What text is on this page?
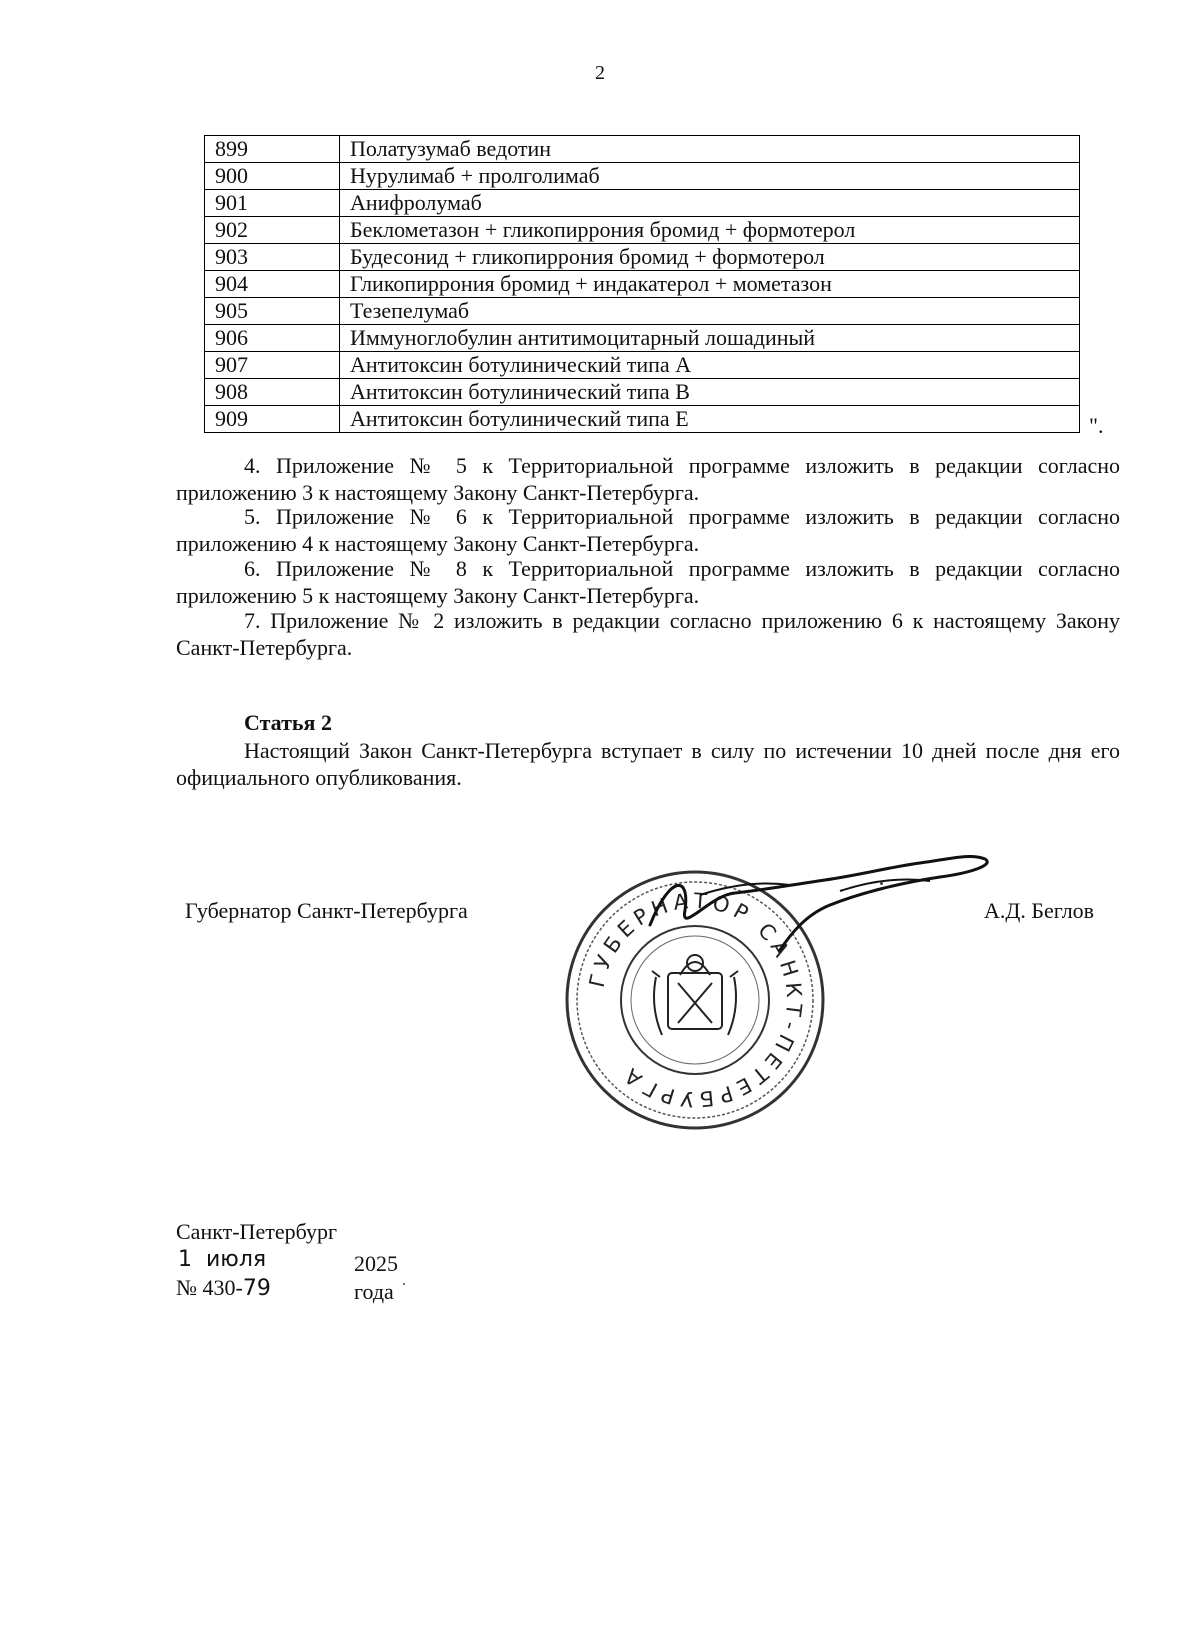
2
899	Полатузумаб ведотин
900	Нурулимаб + пролголимаб
901	Анифролумаб
902	Беклометазон + гликопиррония бромид + формотерол
903	Будесонид + гликопиррония бромид + формотерол
904	Гликопиррония бромид + индакатерол + мометазон
905	Тезепелумаб
906	Иммуноглобулин антитимоцитарный лошадиный
907	Антитоксин ботулинический типа А
908	Антитоксин ботулинический типа В
909	Антитоксин ботулинический типа Е	".

4. Приложение № 5 к Территориальной программе изложить в редакции согласно приложению 3 к настоящему Закону Санкт-Петербурга.

5. Приложение № 6 к Территориальной программе изложить в редакции согласно приложению 4 к настоящему Закону Санкт-Петербурга.

6. Приложение № 8 к Территориальной программе изложить в редакции согласно приложению 5 к настоящему Закону Санкт-Петербурга.

7. Приложение № 2 изложить в редакции согласно приложению 6 к настоящему Закону Санкт-Петербурга.

Статья 2

Настоящий Закон Санкт-Петербурга вступает в силу по истечении 10 дней после дня его официального опубликования.

Губернатор Санкт-Петербурга	А.Д. Беглов
ГУБЕРНАТОР САНКТ-ПЕТЕРБУРГА
Санкт-Петербург
1 июля	2025 года
№ 430-79
